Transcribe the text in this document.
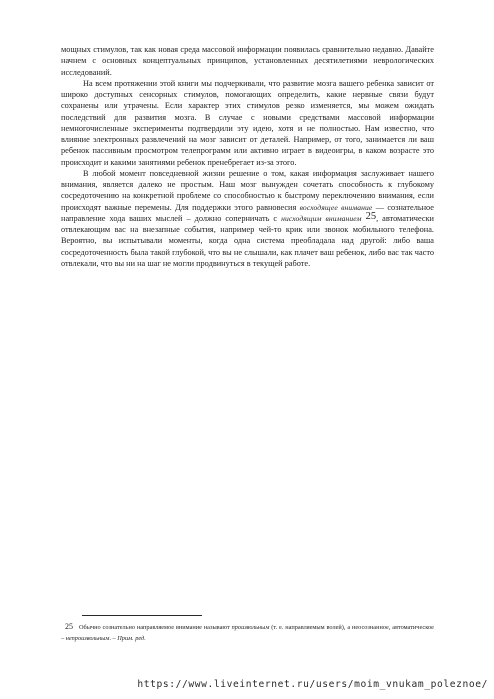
мощных стимулов, так как новая среда массовой информации появилась сравнительно недавно. Давайте начнем с основных концептуальных принципов, установленных десятилетиями неврологических исследований.

На всем протяжении этой книги мы подчеркивали, что развитие мозга вашего ребенка зависит от широко доступных сенсорных стимулов, помогающих определить, какие нервные связи будут сохранены или утрачены. Если характер этих стимулов резко изменяется, мы можем ожидать последствий для развития мозга. В случае с новыми средствами массовой информации немногочисленные эксперименты подтвердили эту идею, хотя и не полностью. Нам известно, что влияние электронных развлечений на мозг зависит от деталей. Например, от того, занимается ли ваш ребенок пассивным просмотром телепрограмм или активно играет в видеоигры, в каком возрасте это происходит и какими занятиями ребенок пренебрегает из-за этого.

В любой момент повседневной жизни решение о том, какая информация заслуживает нашего внимания, является далеко не простым. Наш мозг вынужден сочетать способность к глубокому сосредоточению на конкретной проблеме со способностью к быстрому переключению внимания, если происходят важные перемены. Для поддержки этого равновесия восходящее внимание — сознательное направление хода ваших мыслей – должно соперничать с нисходящим вниманием $^{25}$, автоматически отвлекающим вас на внезапные события, например чей-то крик или звонок мобильного телефона. Вероятно, вы испытывали моменты, когда одна система преобладала над другой: либо ваша сосредоточенность была такой глубокой, что вы не слышали, как плачет ваш ребенок, либо вас так часто отвлекали, что вы ни на шаг не могли продвинуться в текущей работе.

25 Обычно сознательно направляемое внимание называют произвольным (т. е. направляемым волей), а неосознанное, автоматическое – непроизвольным. – Прим. ред.

https://www.liveinternet.ru/users/moim_vnukam_poleznoe/
